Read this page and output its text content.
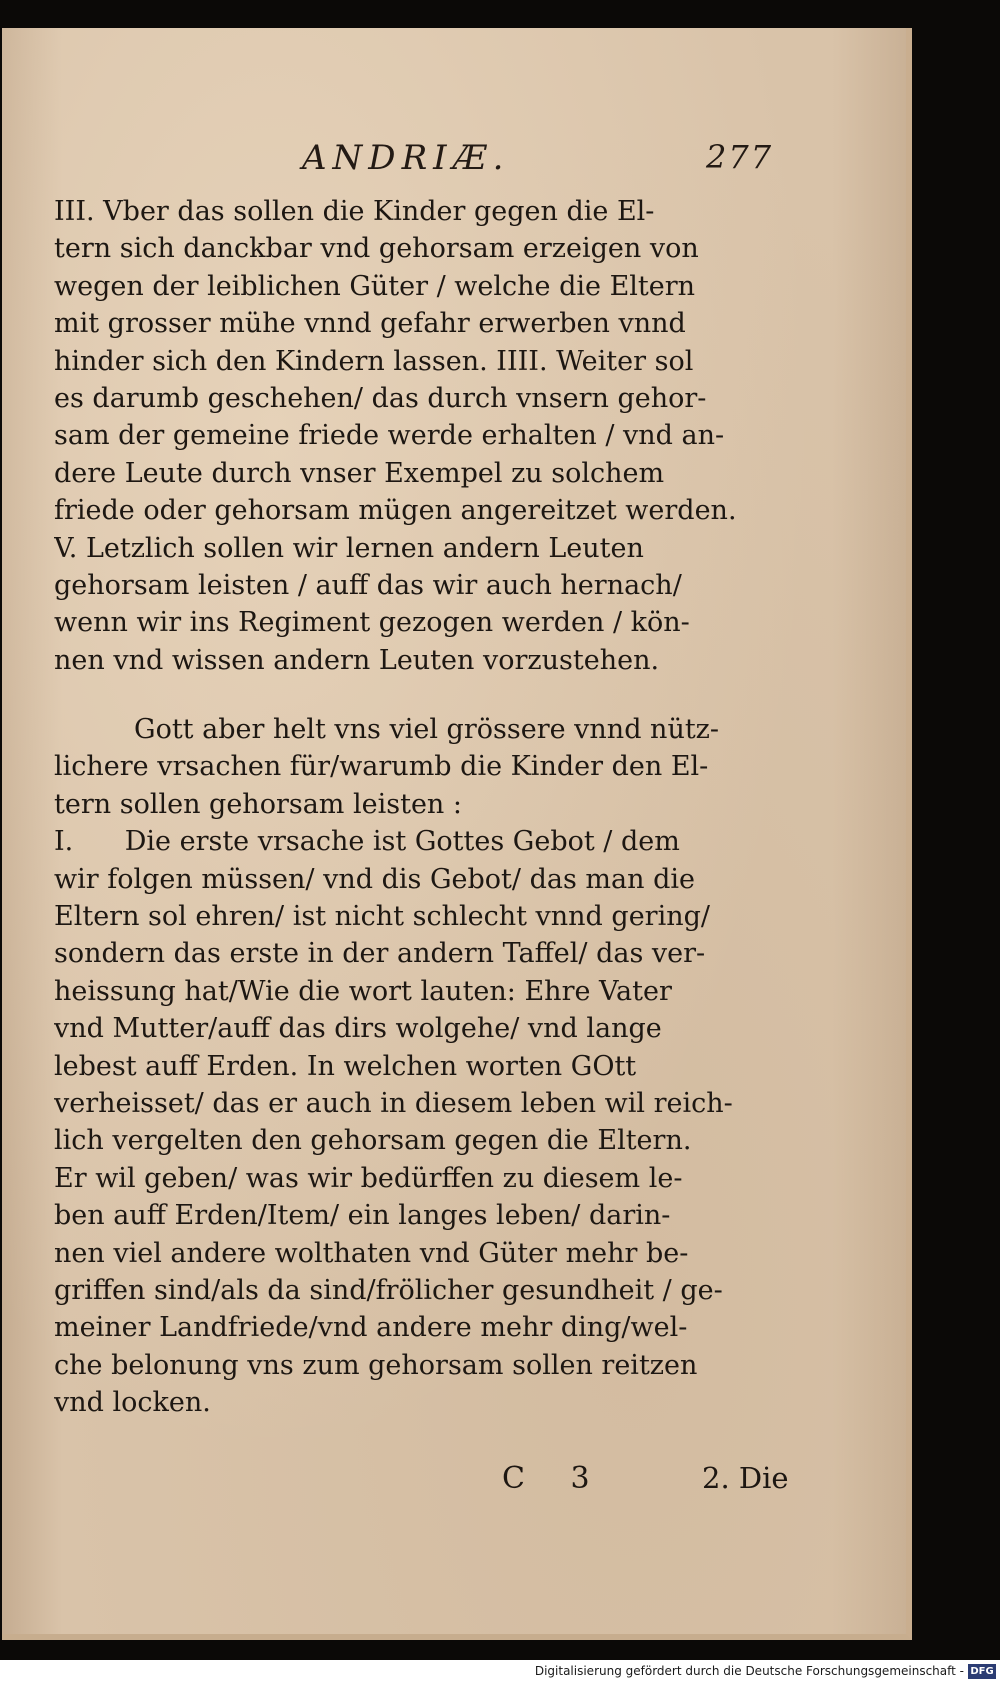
ANDRIÆ.	277
III. Vber das sollen die Kinder gegen die El-
tern sich danckbar vnd gehorsam erzeigen von
wegen der leiblichen Güter / welche die Eltern
mit grosser mühe vnnd gefahr erwerben vnnd
hinder sich den Kindern lassen. IIII. Weiter sol
es darumb geschehen/ das durch vnsern gehor-
sam der gemeine friede werde erhalten / vnd an-
dere Leute durch vnser Exempel zu solchem
friede oder gehorsam mügen angereitzet werden.
V. Letzlich sollen wir lernen andern Leuten
gehorsam leisten / auff das wir auch hernach/
wenn wir ins Regiment gezogen werden / kön-
nen vnd wissen andern Leuten vorzustehen.
Gott aber helt vns viel grössere vnnd nütz-
lichere vrsachen für/warumb die Kinder den El-
tern sollen gehorsam leisten :
I.      Die erste vrsache ist Gottes Gebot / dem
wir folgen müssen/ vnd dis Gebot/ das man die
Eltern sol ehren/ ist nicht schlecht vnnd gering/
sondern das erste in der andern Taffel/ das ver-
heissung hat/Wie die wort lauten: Ehre Vater
vnd Mutter/auff das dirs wolgehe/ vnd lange
lebest auff Erden. In welchen worten GOtt
verheisset/ das er auch in diesem leben wil reich-
lich vergelten den gehorsam gegen die Eltern.
Er wil geben/ was wir bedürffen zu diesem le-
ben auff Erden/Item/ ein langes leben/ darin-
nen viel andere wolthaten vnd Güter mehr be-
griffen sind/als da sind/frölicher gesundheit / ge-
meiner Landfriede/vnd andere mehr ding/wel-
che belonung vns zum gehorsam sollen reitzen
vnd locken.
C 3	2. Die
Digitalisierung gefördert durch die Deutsche Forschungsgemeinschaft - DFG
